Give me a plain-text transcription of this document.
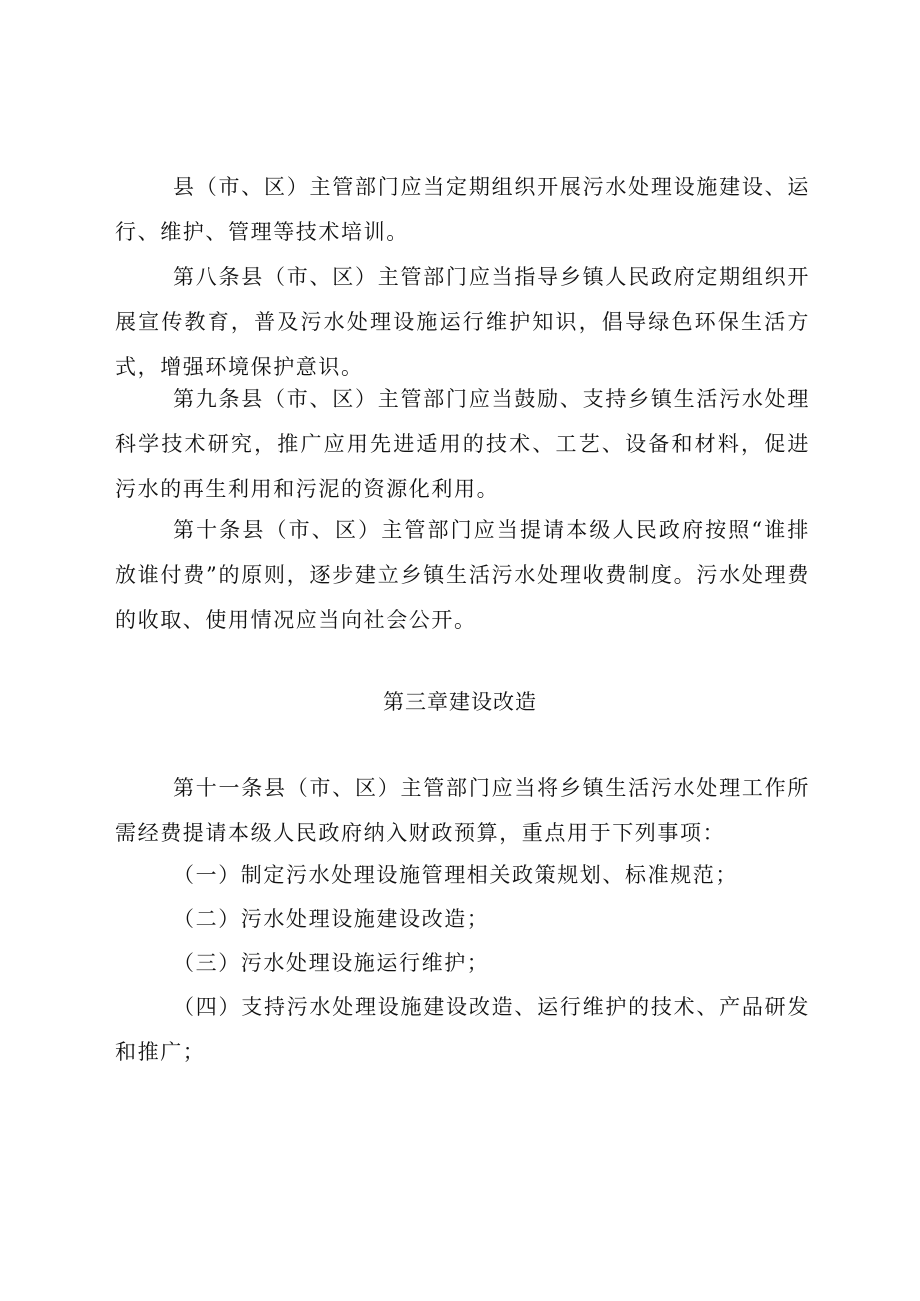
县（市、区）主管部门应当定期组织开展污水处理设施建设、运行、维护、管理等技术培训。

第八条县（市、区）主管部门应当指导乡镇人民政府定期组织开展宣传教育，普及污水处理设施运行维护知识，倡导绿色环保生活方式，增强环境保护意识。

第九条县（市、区）主管部门应当鼓励、支持乡镇生活污水处理科学技术研究，推广应用先进适用的技术、工艺、设备和材料，促进污水的再生利用和污泥的资源化利用。

第十条县（市、区）主管部门应当提请本级人民政府按照“谁排放谁付费”的原则，逐步建立乡镇生活污水处理收费制度。污水处理费的收取、使用情况应当向社会公开。

第三章建设改造

第十一条县（市、区）主管部门应当将乡镇生活污水处理工作所需经费提请本级人民政府纳入财政预算，重点用于下列事项：

（一）制定污水处理设施管理相关政策规划、标准规范；

（二）污水处理设施建设改造；

（三）污水处理设施运行维护；

（四）支持污水处理设施建设改造、运行维护的技术、产品研发和推广；
